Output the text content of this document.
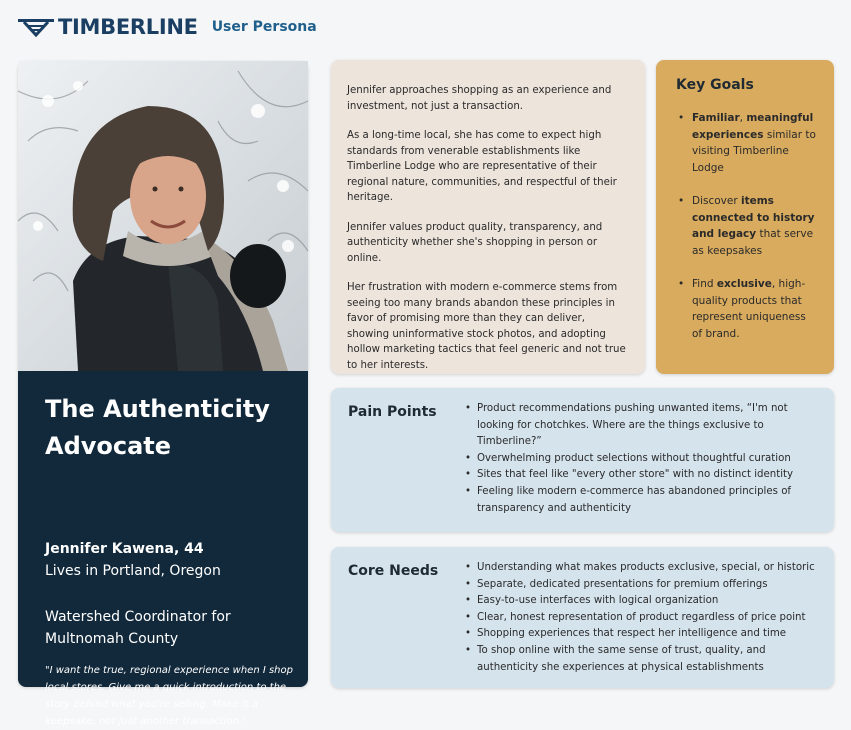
TIMBERLINE User Persona
The Authenticity Advocate
Jennifer Kawena, 44
Lives in Portland, Oregon
Watershed Coordinator for Multnomah County
"I want the true, regional experience when I shop local stores. Give me a quick introduction to the story behind what you're selling. Make it a keepsake, not just another transaction."

Jennifer approaches shopping as an experience and investment, not just a transaction.

As a long-time local, she has come to expect high standards from venerable establishments like Timberline Lodge who are representative of their regional nature, communities, and respectful of their heritage.

Jennifer values product quality, transparency, and authenticity whether she's shopping in person or online.

Her frustration with modern e-commerce stems from seeing too many brands abandon these principles in favor of promising more than they can deliver, showing uninformative stock photos, and adopting hollow marketing tactics that feel generic and not true to her interests.

Key Goals
• Familiar, meaningful experiences similar to visiting Timberline Lodge
• Discover items connected to history and legacy that serve as keepsakes
• Find exclusive, high-quality products that represent uniqueness of brand.
Pain Points	• Product recommendations pushing unwanted items, “I'm not looking for chotchkes. Where are the things exclusive to Timberline?”
• Overwhelming product selections without thoughtful curation
• Sites that feel like "every other store" with no distinct identity
• Feeling like modern e-commerce has abandoned principles of transparency and authenticity
Core Needs	• Understanding what makes products exclusive, special, or historic
• Separate, dedicated presentations for premium offerings
• Easy-to-use interfaces with logical organization
• Clear, honest representation of product regardless of price point
• Shopping experiences that respect her intelligence and time
• To shop online with the same sense of trust, quality, and authenticity she experiences at physical establishments
